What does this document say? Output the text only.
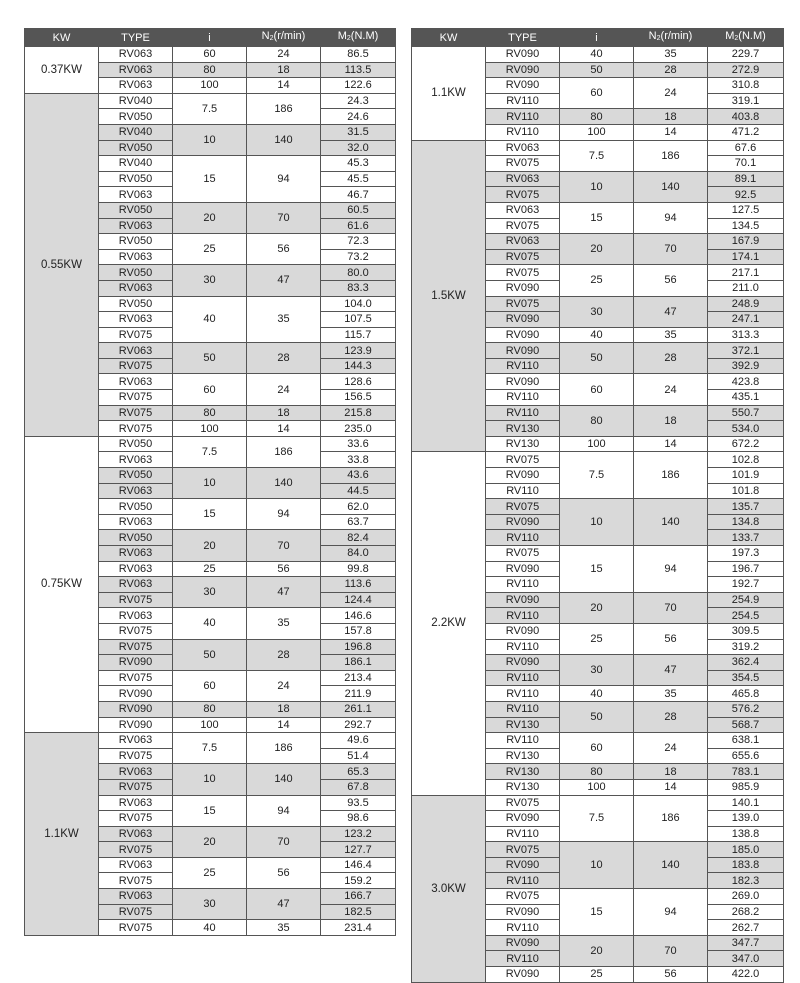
KW	TYPE	i	$N_2(r/\min)$	$M_2(N.M)$
0.37KW	RV063	60	24	86.5
	RV063	80	18	113.5
	RV063	100	14	122.6
0.55KW	RV040	7.5	186	24.3
	RV050			24.6
	RV040	10	140	31.5
	RV050			32.0
	RV040	15	94	45.3
	RV050			45.5
	RV063			46.7
	RV050	20	70	60.5
	RV063			61.6
	RV050	25	56	72.3
	RV063			73.2
	RV050	30	47	80.0
	RV063			83.3
	RV050	40	35	104.0
	RV063			107.5
	RV075			115.7
	RV063	50	28	123.9
	RV075			144.3
	RV063	60	24	128.6
	RV075			156.5
	RV075	80	18	215.8
	RV075	100	14	235.0
0.75KW	RV050	7.5	186	33.6
	RV063			33.8
	RV050	10	140	43.6
	RV063			44.5
	RV050	15	94	62.0
	RV063			63.7
	RV050	20	70	82.4
	RV063			84.0
	RV063	25	56	99.8
	RV063	30	47	113.6
	RV075			124.4
	RV063	40	35	146.6
	RV075			157.8
	RV075	50	28	196.8
	RV090			186.1
	RV075	60	24	213.4
	RV090			211.9
	RV090	80	18	261.1
	RV090	100	14	292.7
1.1KW	RV063	7.5	186	49.6
	RV075			51.4
	RV063	10	140	65.3
	RV075			67.8
	RV063	15	94	93.5
	RV075			98.6
	RV063	20	70	123.2
	RV075			127.7
	RV063	25	56	146.4
	RV075			159.2
	RV063	30	47	166.7
	RV075			182.5
	RV075	40	35	231.4
KW	TYPE	i	$N_2(r/\min)$	$M_2(N.M)$
1.1KW	RV090	40	35	229.7
	RV090	50	28	272.9
	RV090	60	24	310.8
	RV110			319.1
	RV110	80	18	403.8
	RV110	100	14	471.2
1.5KW	RV063	7.5	186	67.6
	RV075			70.1
	RV063	10	140	89.1
	RV075			92.5
	RV063	15	94	127.5
	RV075			134.5
	RV063	20	70	167.9
	RV075			174.1
	RV075	25	56	217.1
	RV090			211.0
	RV075	30	47	248.9
	RV090			247.1
	RV090	40	35	313.3
	RV090	50	28	372.1
	RV110			392.9
	RV090	60	24	423.8
	RV110			435.1
	RV110	80	18	550.7
	RV130			534.0
	RV130	100	14	672.2
2.2KW	RV075	7.5	186	102.8
	RV090			101.9
	RV110			101.8
	RV075	10	140	135.7
	RV090			134.8
	RV110			133.7
	RV075	15	94	197.3
	RV090			196.7
	RV110			192.7
	RV090	20	70	254.9
	RV110			254.5
	RV090	25	56	309.5
	RV110			319.2
	RV090	30	47	362.4
	RV110			354.5
	RV110	40	35	465.8
	RV110	50	28	576.2
	RV130			568.7
	RV110	60	24	638.1
	RV130			655.6
	RV130	80	18	783.1
	RV130	100	14	985.9
3.0KW	RV075	7.5	186	140.1
	RV090			139.0
	RV110			138.8
	RV075	10	140	185.0
	RV090			183.8
	RV110			182.3
	RV075	15	94	269.0
	RV090			268.2
	RV110			262.7
	RV090	20	70	347.7
	RV110			347.0
	RV090	25	56	422.0
